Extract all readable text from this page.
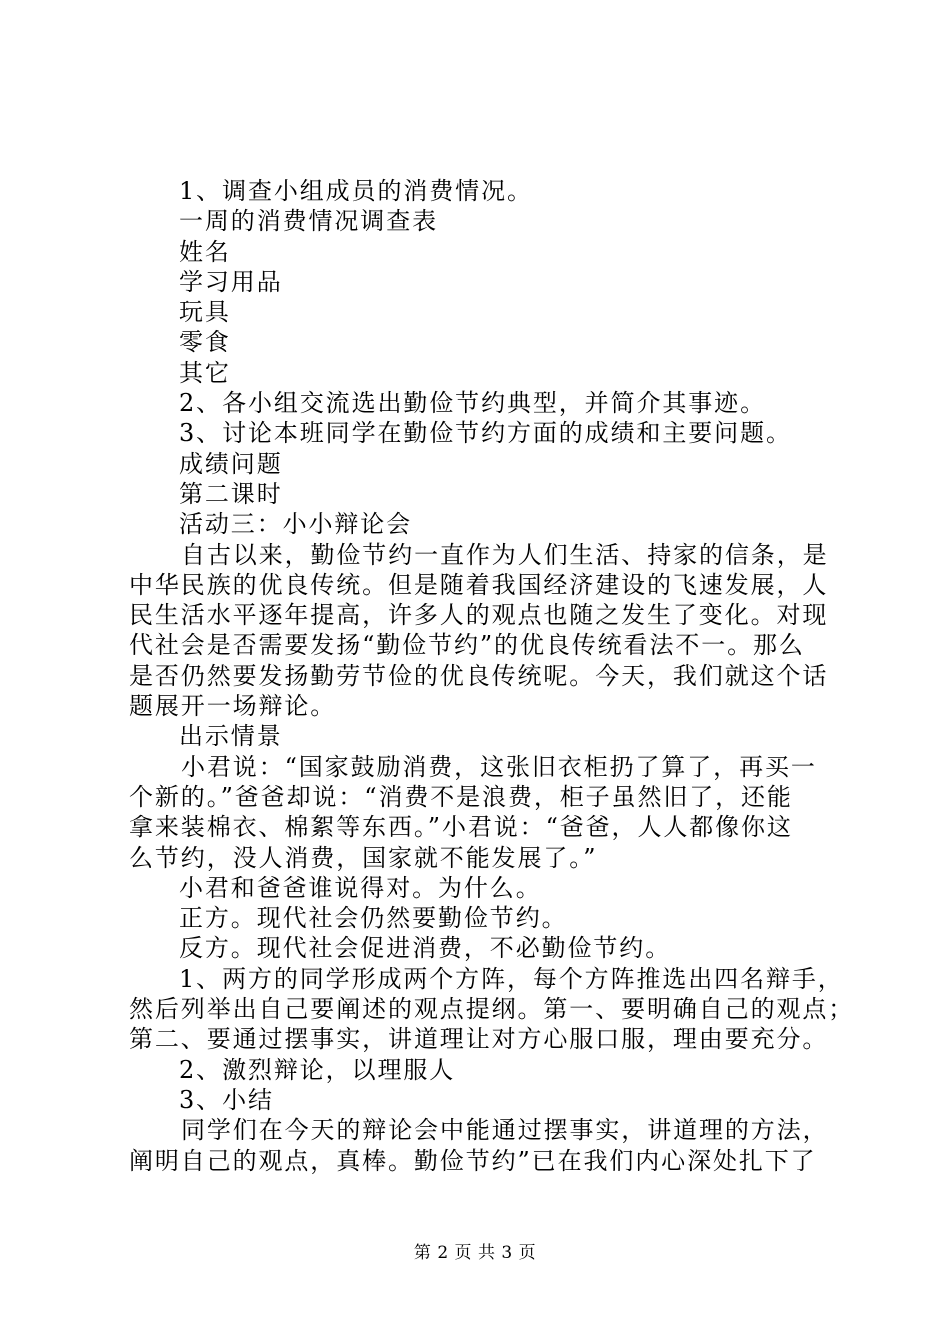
1、调查小组成员的消费情况。
一周的消费情况调查表
姓名
学习用品
玩具
零食
其它
2、各小组交流选出勤俭节约典型，并简介其事迹。
3、讨论本班同学在勤俭节约方面的成绩和主要问题。
成绩问题
第二课时
活动三：小小辩论会
自古以来，勤俭节约一直作为人们生活、持家的信条，是
中华民族的优良传统。但是随着我国经济建设的飞速发展，人
民生活水平逐年提高，许多人的观点也随之发生了变化。对现
代社会是否需要发扬“勤俭节约”的优良传统看法不一。那么
是否仍然要发扬勤劳节俭的优良传统呢。今天，我们就这个话
题展开一场辩论。
出示情景
小君说：“国家鼓励消费，这张旧衣柜扔了算了，再买一
个新的。”爸爸却说：“消费不是浪费，柜子虽然旧了，还能
拿来装棉衣、棉絮等东西。”小君说：“爸爸，人人都像你这
么节约，没人消费，国家就不能发展了。”
小君和爸爸谁说得对。为什么。
正方。现代社会仍然要勤俭节约。
反方。现代社会促进消费，不必勤俭节约。
1、两方的同学形成两个方阵，每个方阵推选出四名辩手，
然后列举出自己要阐述的观点提纲。第一、要明确自己的观点；
第二、要通过摆事实，讲道理让对方心服口服，理由要充分。
2、激烈辩论，以理服人
3、小结
同学们在今天的辩论会中能通过摆事实，讲道理的方法，
阐明自己的观点，真棒。勤俭节约”已在我们内心深处扎下了
第 2 页 共 3 页
